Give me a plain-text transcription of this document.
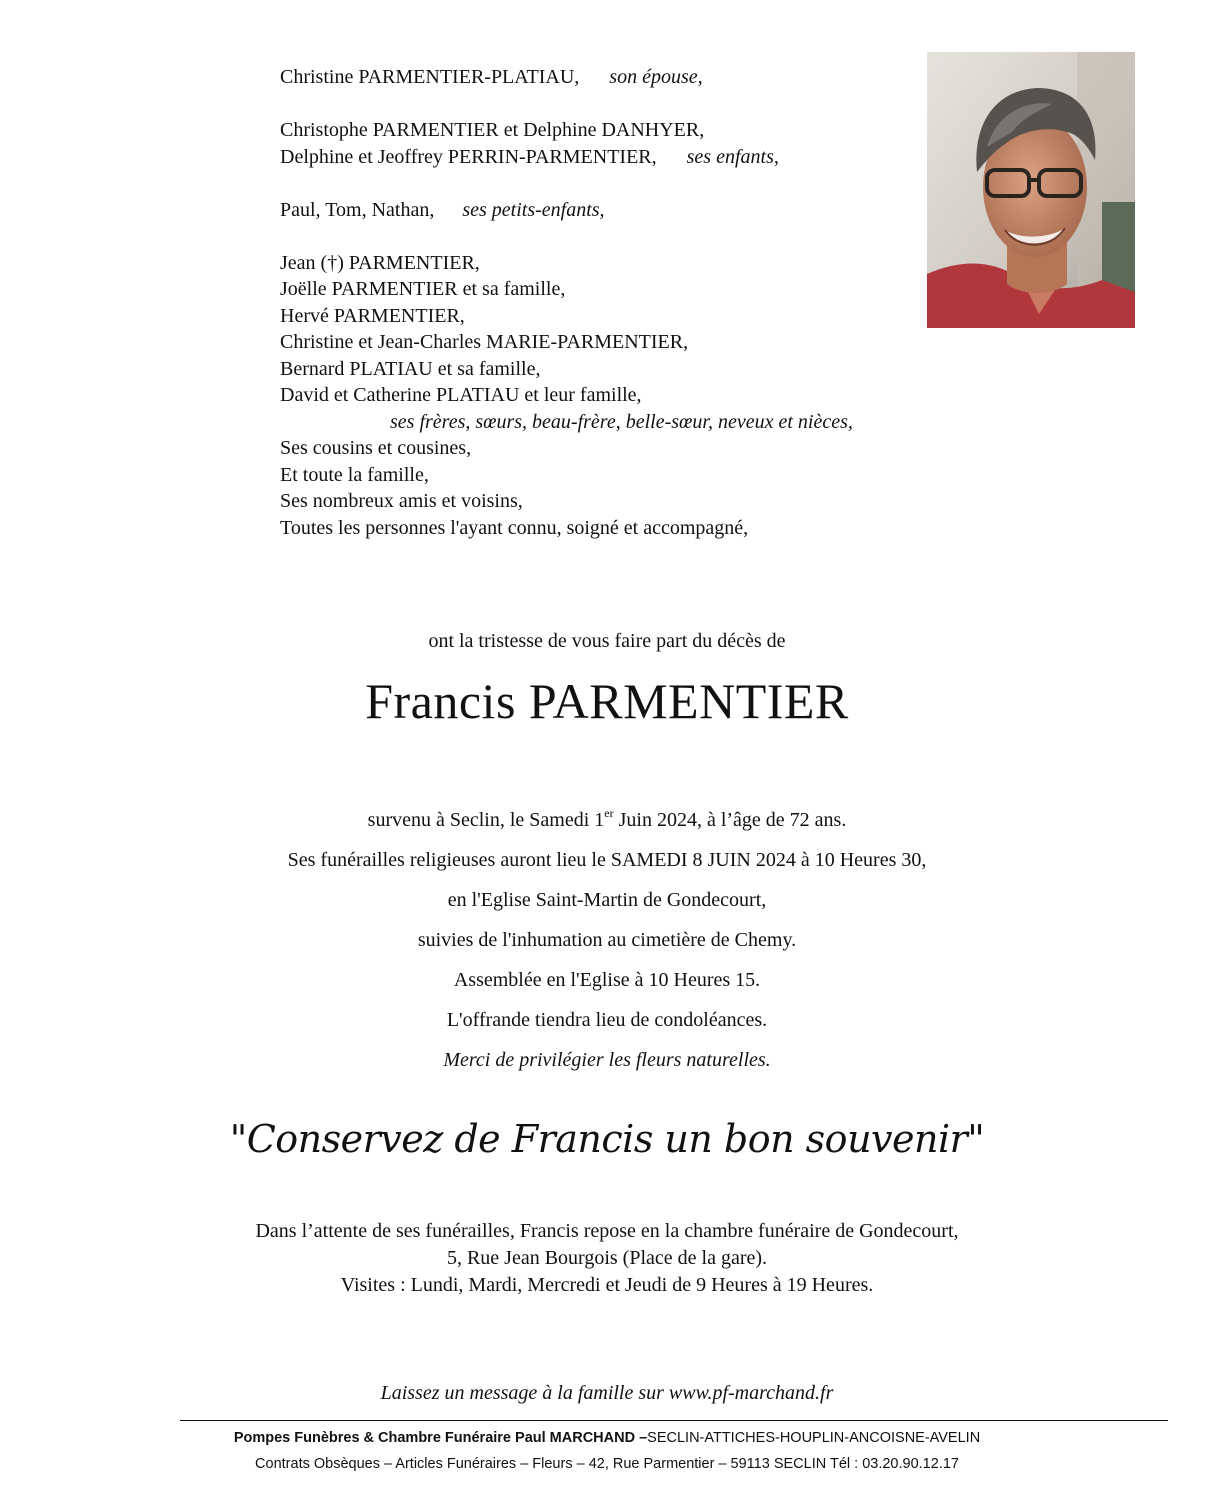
Christine PARMENTIER-PLATIAU, son épouse,
Christophe PARMENTIER et Delphine DANHYER,
Delphine et Jeoffrey PERRIN-PARMENTIER, ses enfants,
Paul, Tom, Nathan, ses petits-enfants,
Jean (†) PARMENTIER,
Joëlle PARMENTIER et sa famille,
Hervé PARMENTIER,
Christine et Jean-Charles MARIE-PARMENTIER,
Bernard PLATIAU et sa famille,
David et Catherine PLATIAU et leur famille,
ses frères, sœurs, beau-frère, belle-sœur, neveux et nièces,
Ses cousins et cousines,
Et toute la famille,
Ses nombreux amis et voisins,
Toutes les personnes l'ayant connu, soigné et accompagné,
ont la tristesse de vous faire part du décès de
Francis PARMENTIER
survenu à Seclin, le Samedi 1er Juin 2024, à l’âge de 72 ans.
Ses funérailles religieuses auront lieu le SAMEDI 8 JUIN 2024 à 10 Heures 30,
en l'Eglise Saint-Martin de Gondecourt,
suivies de l'inhumation au cimetière de Chemy.
Assemblée en l'Eglise à 10 Heures 15.
L'offrande tiendra lieu de condoléances.
Merci de privilégier les fleurs naturelles.
"Conservez de Francis un bon souvenir"
Dans l’attente de ses funérailles, Francis repose en la chambre funéraire de Gondecourt,
5, Rue Jean Bourgois (Place de la gare).
Visites : Lundi, Mardi, Mercredi et Jeudi de 9 Heures à 19 Heures.
Laissez un message à la famille sur www.pf-marchand.fr
Pompes Funèbres & Chambre Funéraire Paul MARCHAND –SECLIN-ATTICHES-HOUPLIN-ANCOISNE-AVELIN
Contrats Obsèques – Articles Funéraires – Fleurs – 42, Rue Parmentier – 59113 SECLIN Tél : 03.20.90.12.17
